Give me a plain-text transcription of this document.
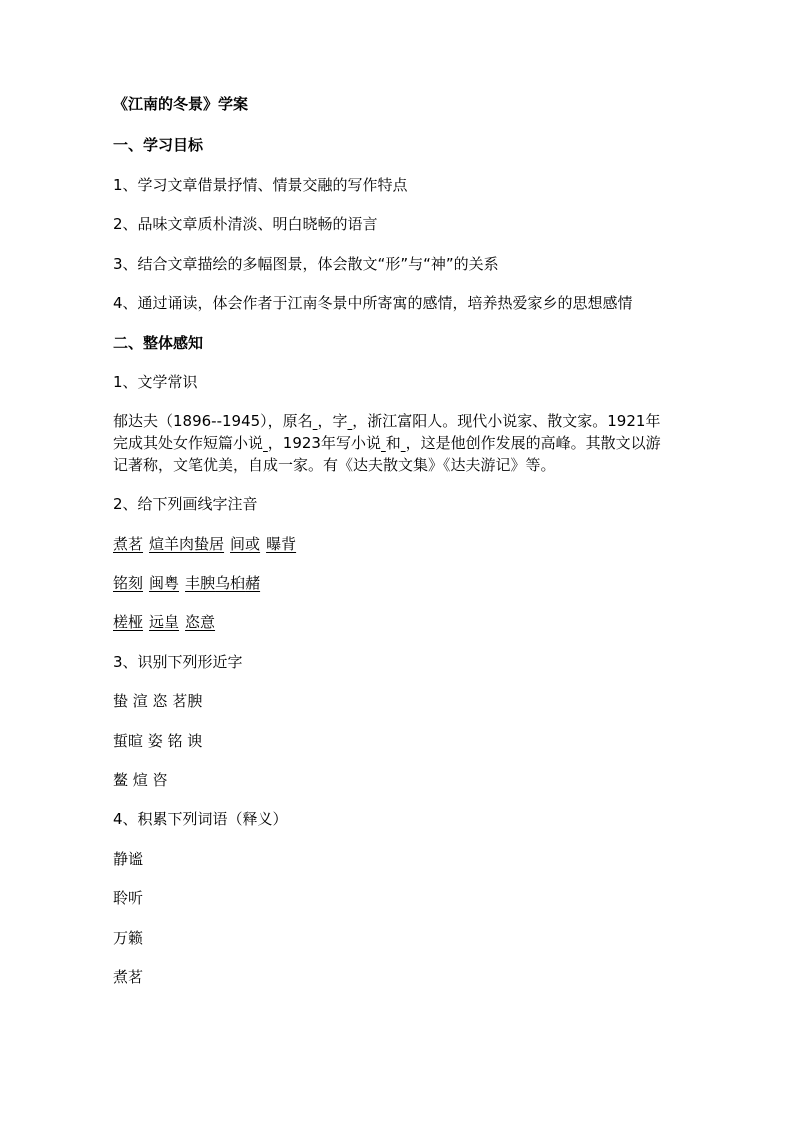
《江南的冬景》学案

一、学习目标

1、学习文章借景抒情、情景交融的写作特点

2、品味文章质朴清淡、明白晓畅的语言

3、结合文章描绘的多幅图景，体会散文“形”与“神”的关系

4、通过诵读，体会作者于江南冬景中所寄寓的感情，培养热爱家乡的思想感情

二、整体感知

1、文学常识

郁达夫（1896--1945），原名 ，字 ，浙江富阳人。现代小说家、散文家。1921年
完成其处女作短篇小说 ，1923年写小说 和 ，这是他创作发展的高峰。其散文以游
记著称，文笔优美，自成一家。有《达夫散文集》《达夫游记》等。

2、给下列画线字注音

煮茗 煊羊肉蛰居 间或 曝背

铭刻 闽粤 丰腴乌桕赭

槎桠 远皇 恣意

3、识别下列形近字

蛰 渲 恣 茗腴

蜇暄 姿 铭 谀

鳌 煊 咨

4、积累下列词语（释义）

静谧

聆听

万籁

煮茗
